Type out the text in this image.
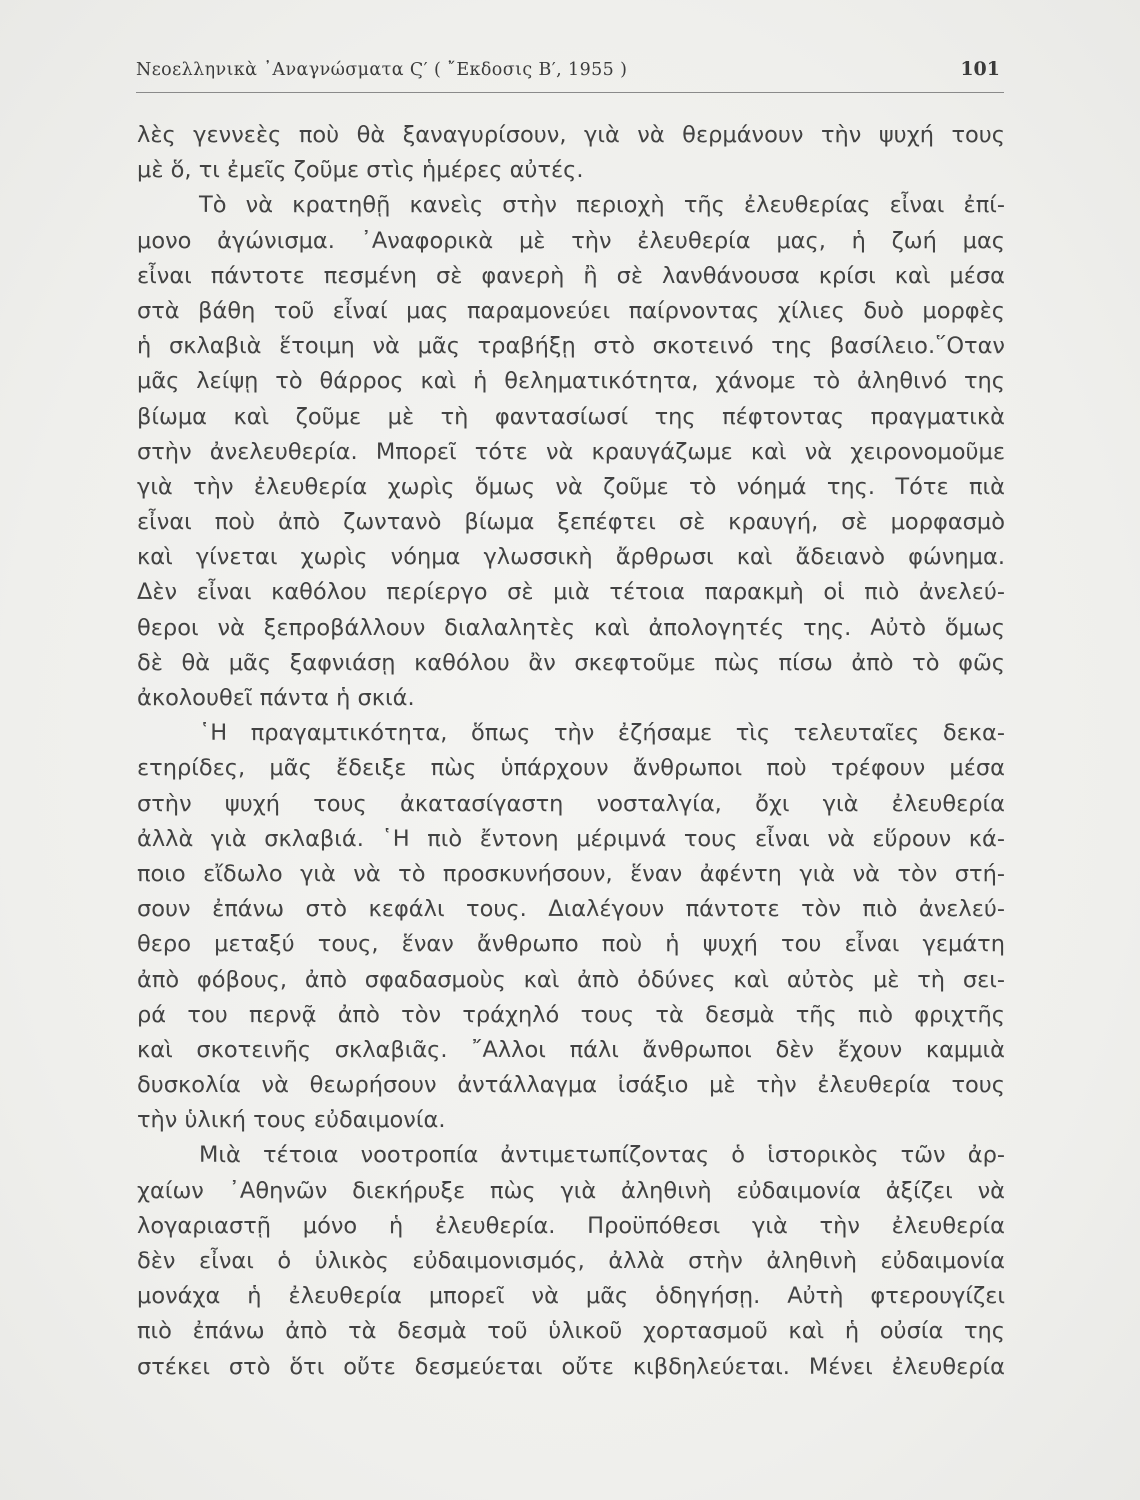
Νεοελληνικὰ ᾿Αναγνώσματα Ϛ′ ( ῎Εκδοσις Β′, 1955 )	101
λὲς γεννεὲς ποὺ θὰ ξαναγυρίσουν, γιὰ νὰ θερμάνουν τὴν ψυχή τους
μὲ ὅ, τι ἐμεῖς ζοῦμε στὶς ἡμέρες αὐτές.
Τὸ νὰ κρατηθῇ κανεὶς στὴν περιοχὴ τῆς ἐλευθερίας εἶναι ἐπί-
μονο ἀγώνισμα. ᾿Αναφορικὰ μὲ τὴν ἐλευθερία μας, ἡ ζωή μας
εἶναι πάντοτε πεσμένη σὲ φανερὴ ἢ σὲ λανθάνουσα κρίσι καὶ μέσα
στὰ βάθη τοῦ εἶναί μας παραμονεύει παίρνοντας χίλιες δυὸ μορφὲς
ἡ σκλαβιὰ ἕτοιμη νὰ μᾶς τραβήξῃ στὸ σκοτεινό της βασίλειο.῞Οταν
μᾶς λείψῃ τὸ θάρρος καὶ ἡ θεληματικότητα, χάνομε τὸ ἀληθινό της
βίωμα καὶ ζοῦμε μὲ τὴ φαντασίωσί της πέφτοντας πραγματικὰ
στὴν ἀνελευθερία. Μπορεῖ τότε νὰ κραυγάζωμε καὶ νὰ χειρονομοῦμε
γιὰ τὴν ἐλευθερία χωρὶς ὅμως νὰ ζοῦμε τὸ νόημά της. Τότε πιὰ
εἶναι ποὺ ἀπὸ ζωντανὸ βίωμα ξεπέφτει σὲ κραυγή, σὲ μορφασμὸ
καὶ γίνεται χωρὶς νόημα γλωσσικὴ ἄρθρωσι καὶ ἄδειανὸ φώνημα.
Δὲν εἶναι καθόλου περίεργο σὲ μιὰ τέτοια παρακμὴ οἱ πιὸ ἀνελεύ-
θεροι νὰ ξεπροβάλλουν διαλαλητὲς καὶ ἀπολογητές της. Αὐτὸ ὅμως
δὲ θὰ μᾶς ξαφνιάσῃ καθόλου ἂν σκεφτοῦμε πὼς πίσω ἀπὸ τὸ φῶς
ἀκολουθεῖ πάντα ἡ σκιά.
῾Η πραγαμτικότητα, ὅπως τὴν ἐζήσαμε τὶς τελευταῖες δεκα-
ετηρίδες, μᾶς ἔδειξε πὼς ὑπάρχουν ἄνθρωποι ποὺ τρέφουν μέσα
στὴν ψυχή τους ἀκατασίγαστη νοσταλγία, ὄχι γιὰ ἐλευθερία
ἀλλὰ γιὰ σκλαβιά. ῾Η πιὸ ἔντονη μέριμνά τους εἶναι νὰ εὕρουν κά-
ποιο εἴδωλο γιὰ νὰ τὸ προσκυνήσουν, ἕναν ἀφέντη γιὰ νὰ τὸν στή-
σουν ἐπάνω στὸ κεφάλι τους. Διαλέγουν πάντοτε τὸν πιὸ ἀνελεύ-
θερο μεταξύ τους, ἕναν ἄνθρωπο ποὺ ἡ ψυχή του εἶναι γεμάτη
ἀπὸ φόβους, ἀπὸ σφαδασμοὺς καὶ ἀπὸ ὀδύνες καὶ αὐτὸς μὲ τὴ σει-
ρά του περνᾷ ἀπὸ τὸν τράχηλό τους τὰ δεσμὰ τῆς πιὸ φριχτῆς
καὶ σκοτεινῆς σκλαβιᾶς. ῎Αλλοι πάλι ἄνθρωποι δὲν ἔχουν καμμιὰ
δυσκολία νὰ θεωρήσουν ἀντάλλαγμα ἰσάξιο μὲ τὴν ἐλευθερία τους
τὴν ὑλική τους εὐδαιμονία.
Μιὰ τέτοια νοοτροπία ἀντιμετωπίζοντας ὁ ἱστορικὸς τῶν ἀρ-
χαίων ᾿Αθηνῶν διεκήρυξε πὼς γιὰ ἀληθινὴ εὐδαιμονία ἀξίζει νὰ
λογαριαστῇ μόνο ἡ ἐλευθερία. Προϋπόθεσι γιὰ τὴν ἐλευθερία
δὲν εἶναι ὁ ὑλικὸς εὐδαιμονισμός, ἀλλὰ στὴν ἀληθινὴ εὐδαιμονία
μονάχα ἡ ἐλευθερία μπορεῖ νὰ μᾶς ὁδηγήσῃ. Αὐτὴ φτερουγίζει
πιὸ ἐπάνω ἀπὸ τὰ δεσμὰ τοῦ ὑλικοῦ χορτασμοῦ καὶ ἡ οὐσία της
στέκει στὸ ὅτι οὔτε δεσμεύεται οὔτε κιβδηλεύεται. Μένει ἐλευθερία
